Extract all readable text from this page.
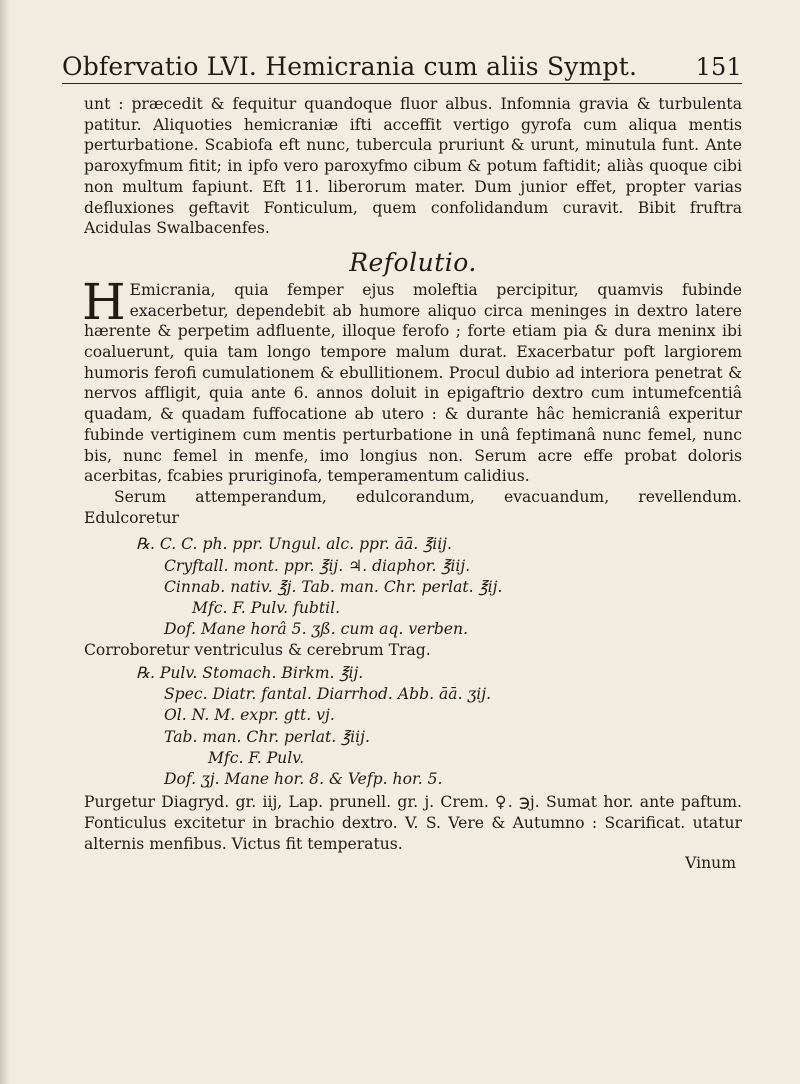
Obfervatio LVI. Hemicrania cum aliis Sympt. 151

unt : præcedit & fequitur quandoque fluor albus. Infomnia gravia & turbulenta patitur. Aliquoties hemicraniæ ifti acceffit vertigo gyrofa cum aliqua mentis perturbatione. Scabiofa eft nunc, tubercula pruriunt & urunt, minutula funt. Ante paroxyfmum fitit; in ipfo vero paroxyfmo cibum & potum faftidit; aliàs quoque cibi non multum fapiunt. Eft 11. liberorum mater. Dum junior effet, propter varias defluxiones geftavit Fonticulum, quem confolidandum curavit. Bibit fruftra Acidulas Swalbacenfes.

Refolutio.

H Emicrania, quia femper ejus moleftia percipitur, quamvis fubinde exacerbetur, dependebit ab humore aliquo circa meninges in dextro latere hærente & perpetim adfluente, illoque ferofo ; forte etiam pia & dura meninx ibi coaluerunt, quia tam longo tempore malum durat. Exacerbatur poft largiorem humoris ferofi cumulationem & ebullitionem. Procul dubio ad interiora penetrat & nervos affligit, quia ante 6. annos doluit in epigaftrio dextro cum intumefcentiâ quadam, & quadam fuffocatione ab utero : & durante hâc hemicraniâ experitur fubinde vertiginem cum mentis perturbatione in unâ feptimanâ nunc femel, nunc bis, nunc femel in menfe, imo longius non. Serum acre effe probat doloris acerbitas, fcabies pruriginofa, temperamentum calidius.

Serum attemperandum, edulcorandum, evacuandum, revellendum. Edulcoretur

℞. C. C. ph. ppr. Ungul. alc. ppr. āā. ℥iij.
Cryftall. mont. ppr. ℥ij. ♃. diaphor. ℥iij.
Cinnab. nativ. ℥j. Tab. man. Chr. perlat. ℥ij.
Mfc. F. Pulv. fubtil.
Dof. Mane horâ 5. ʒß. cum aq. verben.

Corroboretur ventriculus & cerebrum Trag.

℞. Pulv. Stomach. Birkm. ℥ij.
Spec. Diatr. fantal. Diarrhod. Abb. āā. ʒij.
Ol. N. M. expr. gtt. vj.
Tab. man. Chr. perlat. ℥iij.
Mfc. F. Pulv.
Dof. ʒj. Mane hor. 8. & Vefp. hor. 5.

Purgetur Diagryd. gr. iij, Lap. prunell. gr. j. Crem. ♀. ℈j. Sumat hor. ante paftum. Fonticulus excitetur in brachio dextro. V. S. Vere & Autumno : Scarificat. utatur alternis menfibus. Victus fit temperatus.

Vinum
